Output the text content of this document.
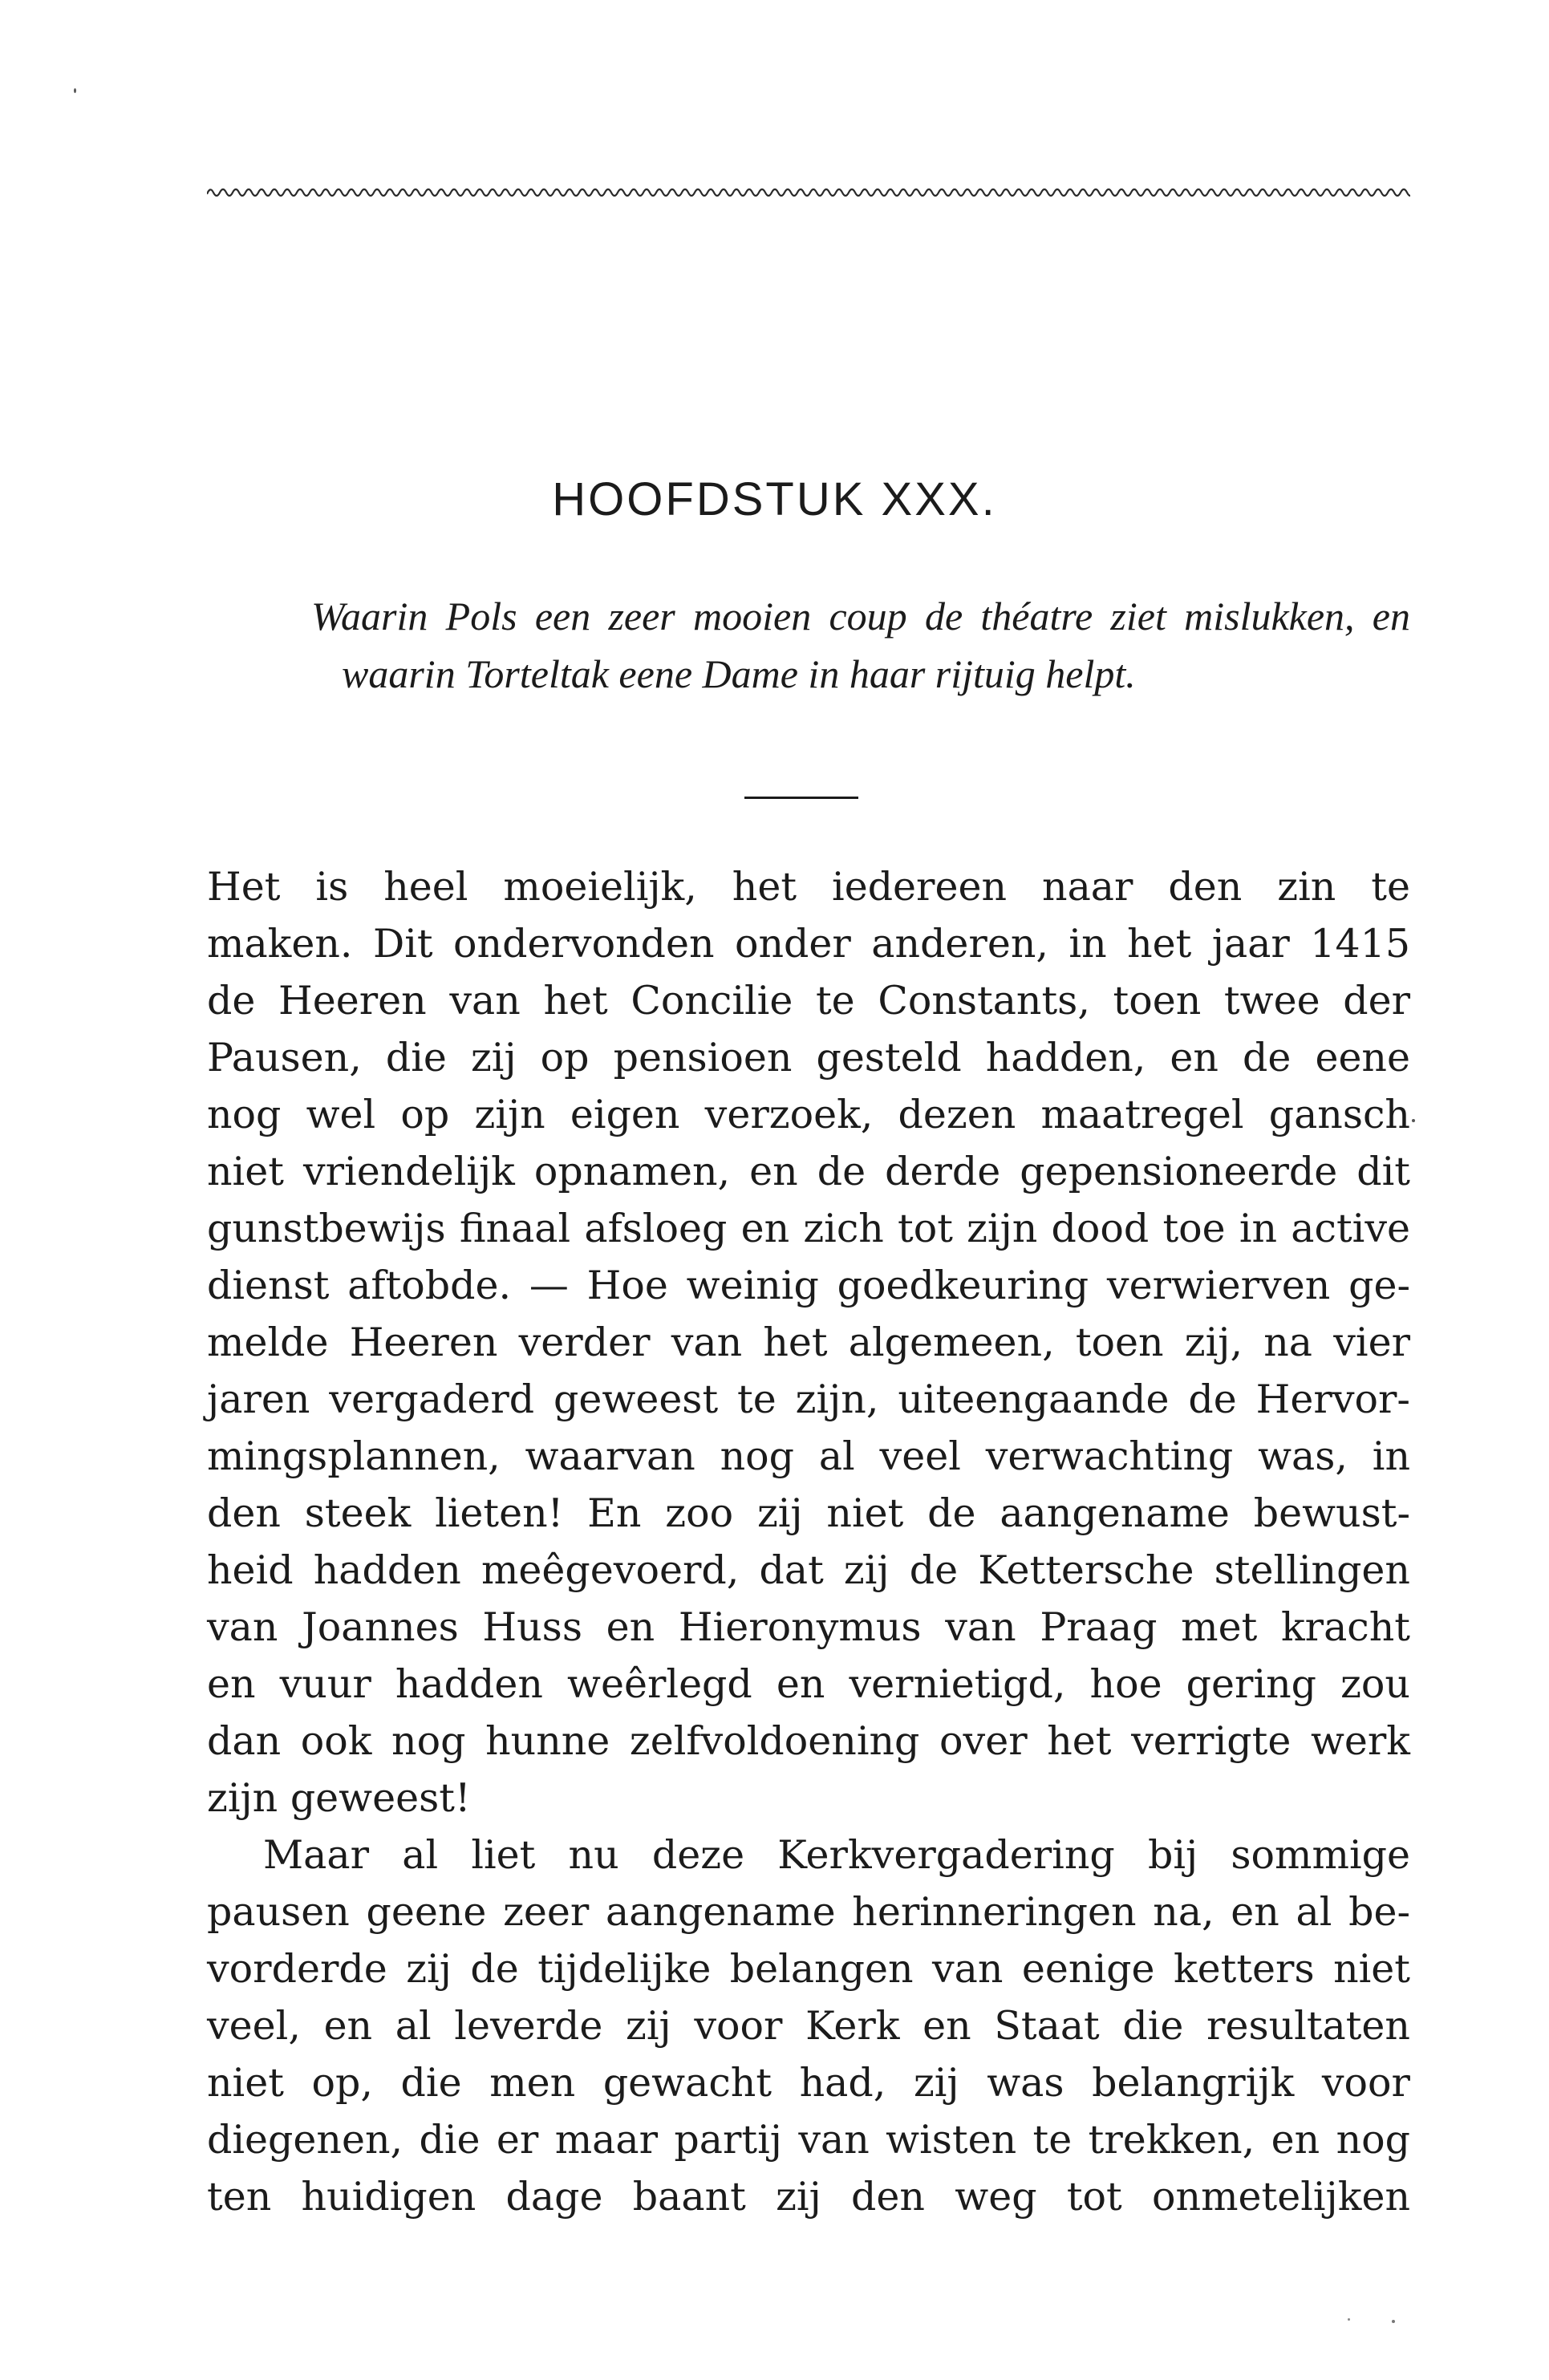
HOOFDSTUK XXX.
Waarin Pols een zeer mooien coup de théatre ziet mislukken, en waarin Torteltak eene Dame in haar rijtuig helpt.
Het is heel moeielijk, het iedereen naar den zin te
maken. Dit ondervonden onder anderen, in het jaar 1415
de Heeren van het Concilie te Constants, toen twee der
Pausen, die zij op pensioen gesteld hadden, en de eene
nog wel op zijn eigen verzoek, dezen maatregel gansch
niet vriendelijk opnamen, en de derde gepensioneerde dit
gunstbewijs finaal afsloeg en zich tot zijn dood toe in active
dienst aftobde. — Hoe weinig goedkeuring verwierven ge-
melde Heeren verder van het algemeen, toen zij, na vier
jaren vergaderd geweest te zijn, uiteengaande de Hervor-
mingsplannen, waarvan nog al veel verwachting was, in
den steek lieten! En zoo zij niet de aangename bewust-
heid hadden meêgevoerd, dat zij de Kettersche stellingen
van Joannes Huss en Hieronymus van Praag met kracht
en vuur hadden weêrlegd en vernietigd, hoe gering zou
dan ook nog hunne zelfvoldoening over het verrigte werk
zijn geweest!
Maar al liet nu deze Kerkvergadering bij sommige
pausen geene zeer aangename herinneringen na, en al be-
vorderde zij de tijdelijke belangen van eenige ketters niet
veel, en al leverde zij voor Kerk en Staat die resultaten
niet op, die men gewacht had, zij was belangrijk voor
diegenen, die er maar partij van wisten te trekken, en nog
ten huidigen dage baant zij den weg tot onmetelijken
